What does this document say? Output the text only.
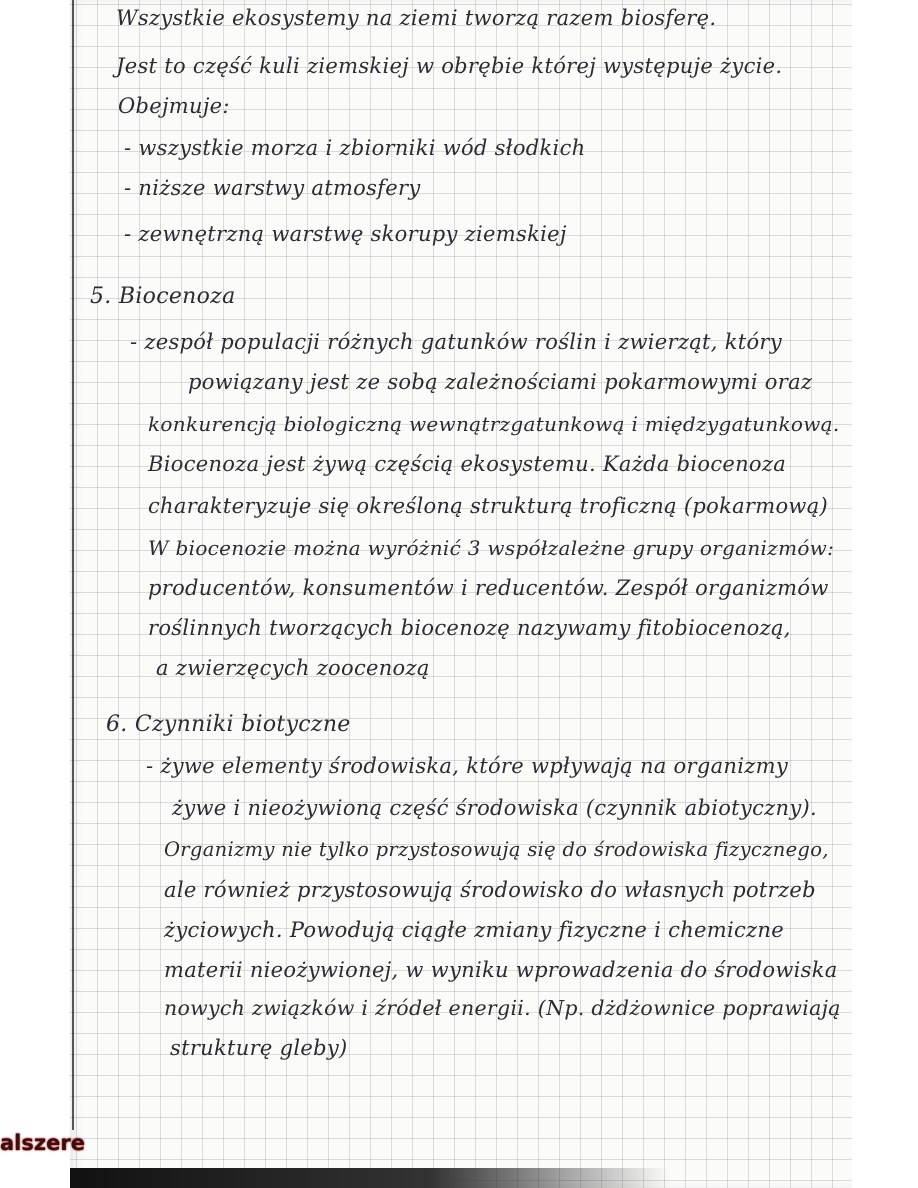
Wszystkie ekosystemy na ziemi tworzą razem biosferę.
Jest to część kuli ziemskiej w obrębie której występuje życie.
Obejmuje:
- wszystkie morza i zbiorniki wód słodkich
- niższe warstwy atmosfery
- zewnętrzną warstwę skorupy ziemskiej
5. Biocenoza
- zespół populacji różnych gatunków roślin i zwierząt, który
powiązany jest ze sobą zależnościami pokarmowymi oraz
konkurencją biologiczną wewnątrzgatunkową i międzygatunkową.
Biocenoza jest żywą częścią ekosystemu. Każda biocenoza
charakteryzuje się określoną strukturą troficzną (pokarmową)
W biocenozie można wyróżnić 3 współzależne grupy organizmów:
producentów, konsumentów i reducentów. Zespół organizmów
roślinnych tworzących biocenozę nazywamy fitobiocenozą,
a zwierzęcych zoocenozą
6. Czynniki biotyczne
- żywe elementy środowiska, które wpływają na organizmy
żywe i nieożywioną część środowiska (czynnik abiotyczny).
Organizmy nie tylko przystosowują się do środowiska fizycznego,
ale również przystosowują środowisko do własnych potrzeb
życiowych. Powodują ciągłe zmiany fizyczne i chemiczne
materii nieożywionej, w wyniku wprowadzenia do środowiska
nowych związków i źródeł energii. (Np. dżdżownice poprawiają
strukturę gleby)
alszere
